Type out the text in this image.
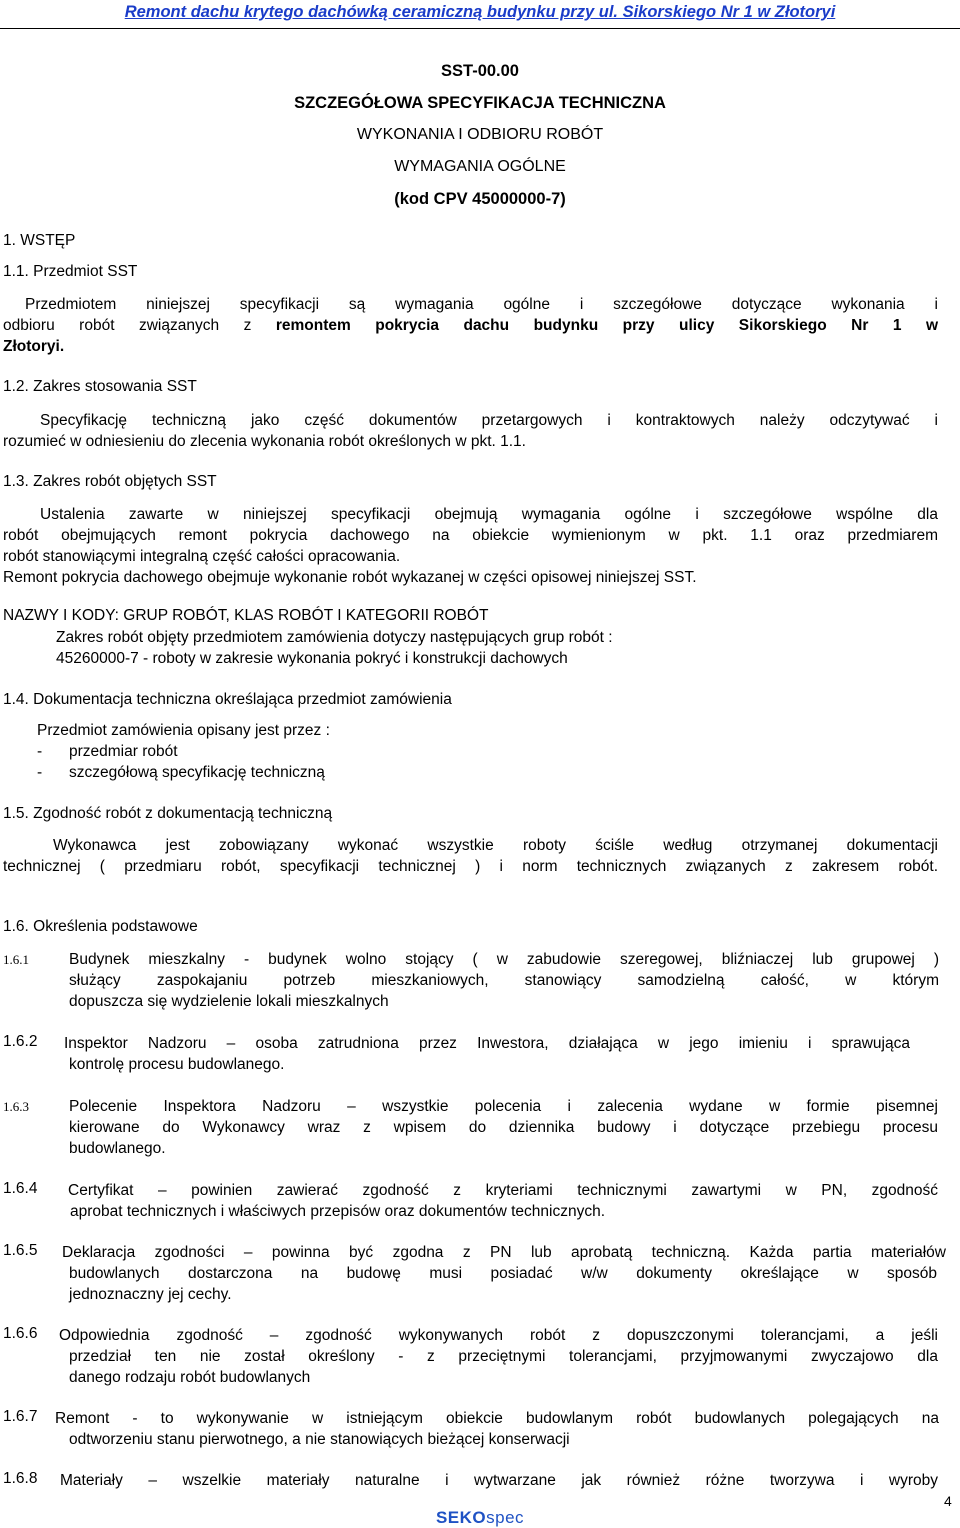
Remont dachu krytego dachówką ceramiczną budynku przy ul. Sikorskiego Nr 1 w Złotoryi
SST-00.00
SZCZEGÓŁOWA SPECYFIKACJA TECHNICZNA
WYKONANIA I ODBIORU ROBÓT
WYMAGANIA OGÓLNE
(kod CPV 45000000-7)
1. WSTĘP
1.1. Przedmiot SST
Przedmiotem niniejszej specyfikacji są wymagania ogólne i szczegółowe dotyczące wykonania i
odbioru robót związanych z remontem pokrycia dachu budynku przy ulicy Sikorskiego Nr 1 w
Złotoryi.
1.2. Zakres stosowania SST
Specyfikację techniczną jako część dokumentów przetargowych i kontraktowych należy odczytywać i
rozumieć w odniesieniu do zlecenia wykonania robót określonych w pkt. 1.1.
1.3. Zakres robót objętych SST
Ustalenia zawarte w niniejszej specyfikacji obejmują wymagania ogólne i szczegółowe wspólne dla
robót obejmujących remont pokrycia dachowego na obiekcie wymienionym w pkt. 1.1 oraz przedmiarem
robót stanowiącymi integralną część całości opracowania.
Remont pokrycia dachowego obejmuje wykonanie robót wykazanej w części opisowej niniejszej SST.
NAZWY I KODY: GRUP ROBÓT, KLAS ROBÓT I KATEGORII ROBÓT
Zakres robót objęty przedmiotem zamówienia dotyczy następujących grup robót :
45260000-7 - roboty w zakresie wykonania pokryć i konstrukcji dachowych
1.4. Dokumentacja techniczna określająca przedmiot zamówienia
Przedmiot zamówienia opisany jest przez :
- przedmiar robót
- szczegółową specyfikację techniczną
1.5. Zgodność robót z dokumentacją techniczną
Wykonawca jest zobowiązany wykonać wszystkie roboty ściśle według otrzymanej dokumentacji
technicznej ( przedmiaru robót, specyfikacji technicznej ) i norm technicznych związanych z zakresem robót.
1.6. Określenia podstawowe
1.6.1	Budynek mieszkalny - budynek wolno stojący ( w zabudowie szeregowej, bliźniaczej lub grupowej )
służący zaspokajaniu potrzeb mieszkaniowych, stanowiący samodzielną całość, w którym
dopuszcza się wydzielenie lokali mieszkalnych
1.6.2 Inspektor Nadzoru – osoba zatrudniona przez Inwestora, działająca w jego imieniu i sprawująca
kontrolę procesu budowlanego.
1.6.3	Polecenie Inspektora Nadzoru – wszystkie polecenia i zalecenia wydane w formie pisemnej
kierowane do Wykonawcy wraz z wpisem do dziennika budowy i dotyczące przebiegu procesu
budowlanego.
1.6.4 Certyfikat – powinien zawierać zgodność z kryteriami technicznymi zawartymi w PN, zgodność
aprobat technicznych i właściwych przepisów oraz dokumentów technicznych.
1.6.5 Deklaracja zgodności – powinna być zgodna z PN lub aprobatą techniczną. Każda partia materiałów
budowlanych dostarczona na budowę musi posiadać w/w dokumenty określające w sposób
jednoznaczny jej cechy.
1.6.6 Odpowiednia zgodność – zgodność wykonywanych robót z dopuszczonymi tolerancjami, a jeśli
przedział ten nie został określony - z przeciętnymi tolerancjami, przyjmowanymi zwyczajowo dla
danego rodzaju robót budowlanych
1.6.7 Remont - to wykonywanie w istniejącym obiekcie budowlanym robót budowlanych polegających na
odtworzeniu stanu pierwotnego, a nie stanowiących bieżącej konserwacji
1.6.8 Materiały – wszelkie materiały naturalne i wytwarzane jak również różne tworzywa i wyroby
4
SEKOspec
